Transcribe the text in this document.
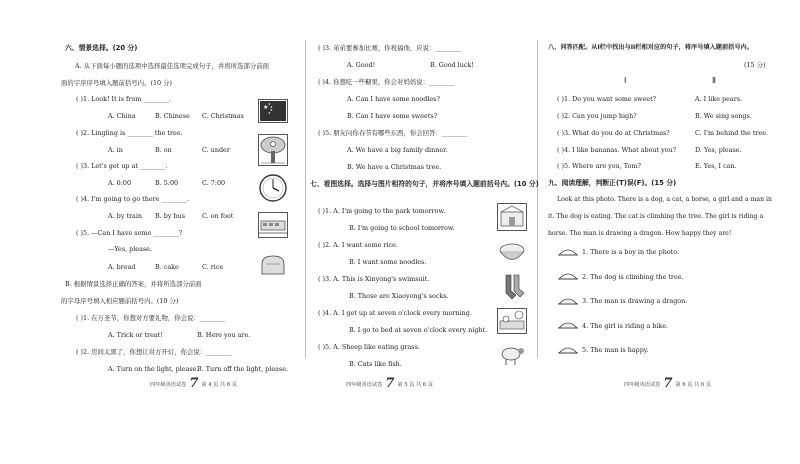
六、情景选择。(20 分)
A. 从下面每小题的选项中选择最佳选项完成句子，并将所选部分前面
面的字序序号填入题前括号内。(10 分)
( )1. Look! It is from ________.
A. China	B. Chinese C. Christmas
( )2. Lingling is ________ the tree.
A. in	B. on	C. under
( )3. Let's get up at ________.
A. 6:00	B. 5:00	C. 7:00
( )4. I'm going to go there ________.
A. by train B. by bus	C. on foot
( )5. —Can I have some ________?
—Yes, please.
A. bread	B. cake	C. rice
B. 根据情景选择正确的答案，并将所选部分前面
的字母序号填入相应题前括号内。(10 分)
( )1. 在万圣节，你想对方要礼物，你会说：________
A. Trick or treat!	B. Here you are.
( )2. 房间太黑了，你想让对方开灯，你会说：________
A. Turn on the light, please.
B. Turn off the light, please.
★ ★
★
★
★
四年级英语试卷 7 第 4 页 共 6 页
( )3. 弟弟要参加比赛，你祝福他，应说：________
A. Good!	B. Good luck!
( )4. 你想吃一些糖果，你会对妈妈说：________
A. Can I have some noodles?
B. Can I have some sweets?
( )5. 朋友问你春节有哪些东西，你会回答：________
A. We have a big family dinner.
B. We have a Christmas tree.
七、看图选择。选择与图片相符的句子，并将序号填入题前括号内。(10 分)
( )1. A. I'm going to the park tomorrow.
B. I'm going to school tomorrow.
( )2. A. I want some rice.
B. I want some noodles.
( )3. A. This is Xinyong's swimsuit.
B. Those are Xiaoyong's socks.
( )4. A. I get up at seven o'clock every morning.
B. I go to bed at seven o'clock every night.
( )5. A. Sheep like eating grass.
B. Cats like fish.
四年级英语试卷 7 第 5 页 共 6 页
八、问答匹配。从I栏中找出与II栏相对应的句子，将序号填入题前括号内。
(15 分)
Ⅰ	Ⅱ
( )1. Do you want some sweet?	A. I like pears.
( )2. Can you jump high?	B. We sing songs.
( )3. What do you do at Christmas?	C. I'm behind the tree.
( )4. I like bananas. What about you?	D. Yes, please.
( )5. Where are you, Tom?	E. Yes, I can.
九、阅读理解，判断正(T)误(F)。(15 分)
Look at this photo. There is a dog, a cat, a horse, a girl and a man in
it. The dog is eating. The cat is climbing the tree. The girl is riding a
horse. The man is drawing a dragon. How happy they are!
1. There is a boy in the photo.
2. The dog is climbing the tree.
3. The man is drawing a dragon.
4. The girl is riding a bike.
5. The man is happy.
四年级英语试卷 7 第 6 页 共 6 页
